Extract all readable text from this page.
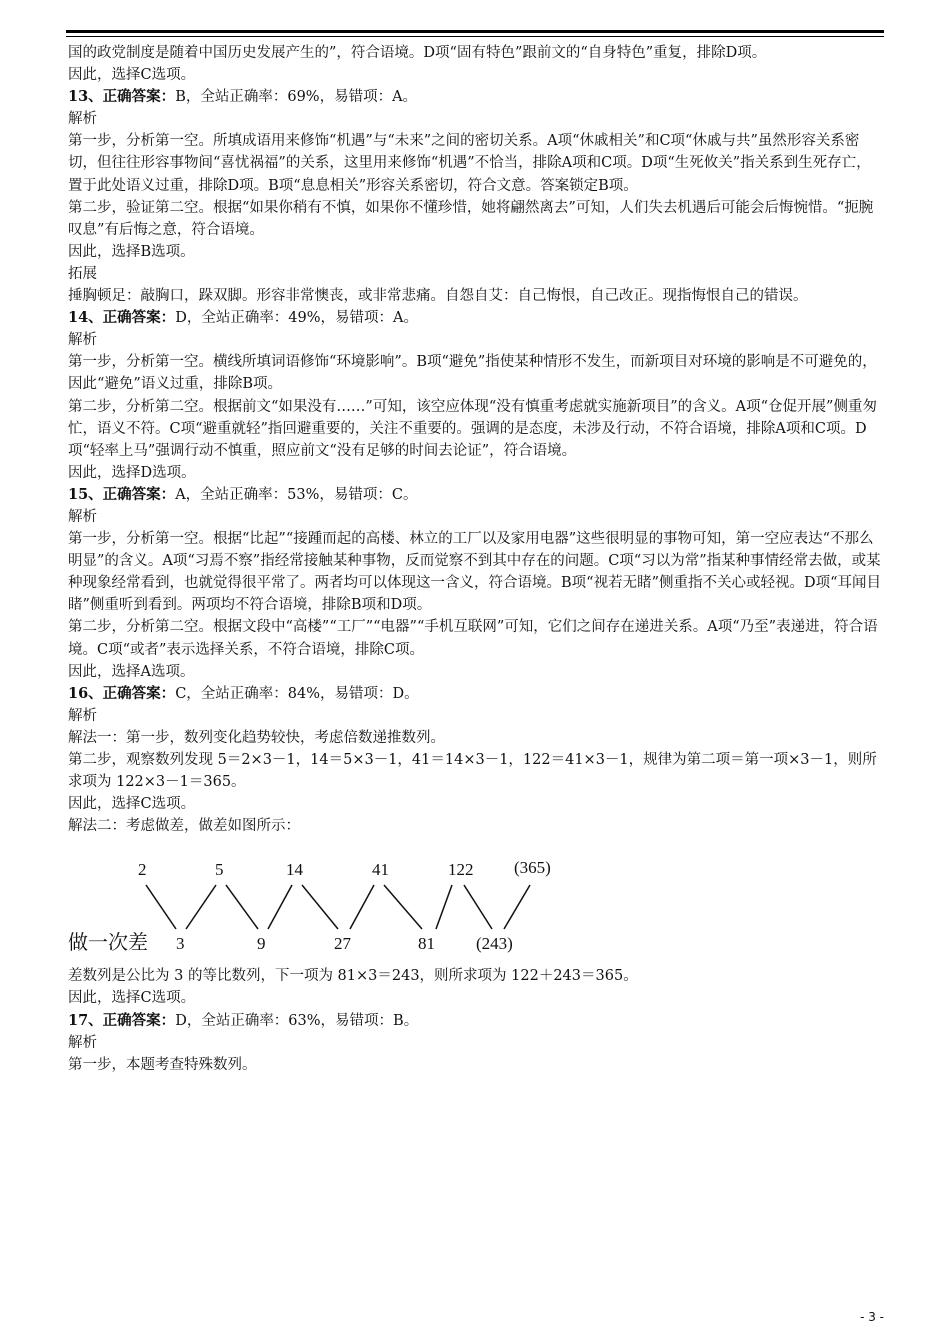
国的政党制度是随着中国历史发展产生的”，符合语境。D项“固有特色”跟前文的“自身特色”重复，排除D项。

因此，选择C选项。

13、正确答案：B，全站正确率：69%，易错项：A。

解析

第一步，分析第一空。所填成语用来修饰“机遇”与“未来”之间的密切关系。A项“休戚相关”和C项“休戚与共”虽然形容关系密切，但往往形容事物间“喜忧祸福”的关系，这里用来修饰“机遇”不恰当，排除A项和C项。D项“生死攸关”指关系到生死存亡，置于此处语义过重，排除D项。B项“息息相关”形容关系密切，符合文意。答案锁定B项。

第二步，验证第二空。根据“如果你稍有不慎，如果你不懂珍惜，她将翩然离去”可知，人们失去机遇后可能会后悔惋惜。“扼腕叹息”有后悔之意，符合语境。

因此，选择B选项。

拓展

捶胸顿足：敲胸口，跺双脚。形容非常懊丧，或非常悲痛。自怨自艾：自己悔恨，自己改正。现指悔恨自己的错误。

14、正确答案：D，全站正确率：49%，易错项：A。

解析

第一步，分析第一空。横线所填词语修饰“环境影响”。B项“避免”指使某种情形不发生，而新项目对环境的影响是不可避免的，因此“避免”语义过重，排除B项。

第二步，分析第二空。根据前文“如果没有……”可知，该空应体现“没有慎重考虑就实施新项目”的含义。A项“仓促开展”侧重匆忙，语义不符。C项“避重就轻”指回避重要的，关注不重要的。强调的是态度，未涉及行动，不符合语境，排除A项和C项。D项“轻率上马”强调行动不慎重，照应前文“没有足够的时间去论证”，符合语境。

因此，选择D选项。

15、正确答案：A，全站正确率：53%，易错项：C。

解析

第一步，分析第一空。根据“比起”“接踵而起的高楼、林立的工厂以及家用电器”这些很明显的事物可知，第一空应表达“不那么明显”的含义。A项“习焉不察”指经常接触某种事物，反而觉察不到其中存在的问题。C项“习以为常”指某种事情经常去做，或某种现象经常看到，也就觉得很平常了。两者均可以体现这一含义，符合语境。B项“视若无睹”侧重指不关心或轻视。D项“耳闻目睹”侧重听到看到。两项均不符合语境，排除B项和D项。

第二步，分析第二空。根据文段中“高楼”“工厂”“电器”“手机互联网”可知，它们之间存在递进关系。A项“乃至”表递进，符合语境。C项“或者”表示选择关系，不符合语境，排除C项。

因此，选择A选项。

16、正确答案：C，全站正确率：84%，易错项：D。

解析

解法一：第一步，数列变化趋势较快，考虑倍数递推数列。

第二步，观察数列发现 5＝2×3－1，14＝5×3－1，41＝14×3－1，122＝41×3－1，规律为第二项＝第一项×3－1，则所求项为 122×3－1＝365。

因此，选择C选项。

解法二：考虑做差，做差如图所示：

2	5	14	41	122 (365)
3	9	27	81 (243)
做一次差

差数列是公比为 3 的等比数列，下一项为 81×3＝243，则所求项为 122＋243＝365。

因此，选择C选项。

17、正确答案：D，全站正确率：63%，易错项：B。

解析

第一步，本题考查特殊数列。

- 3 -
